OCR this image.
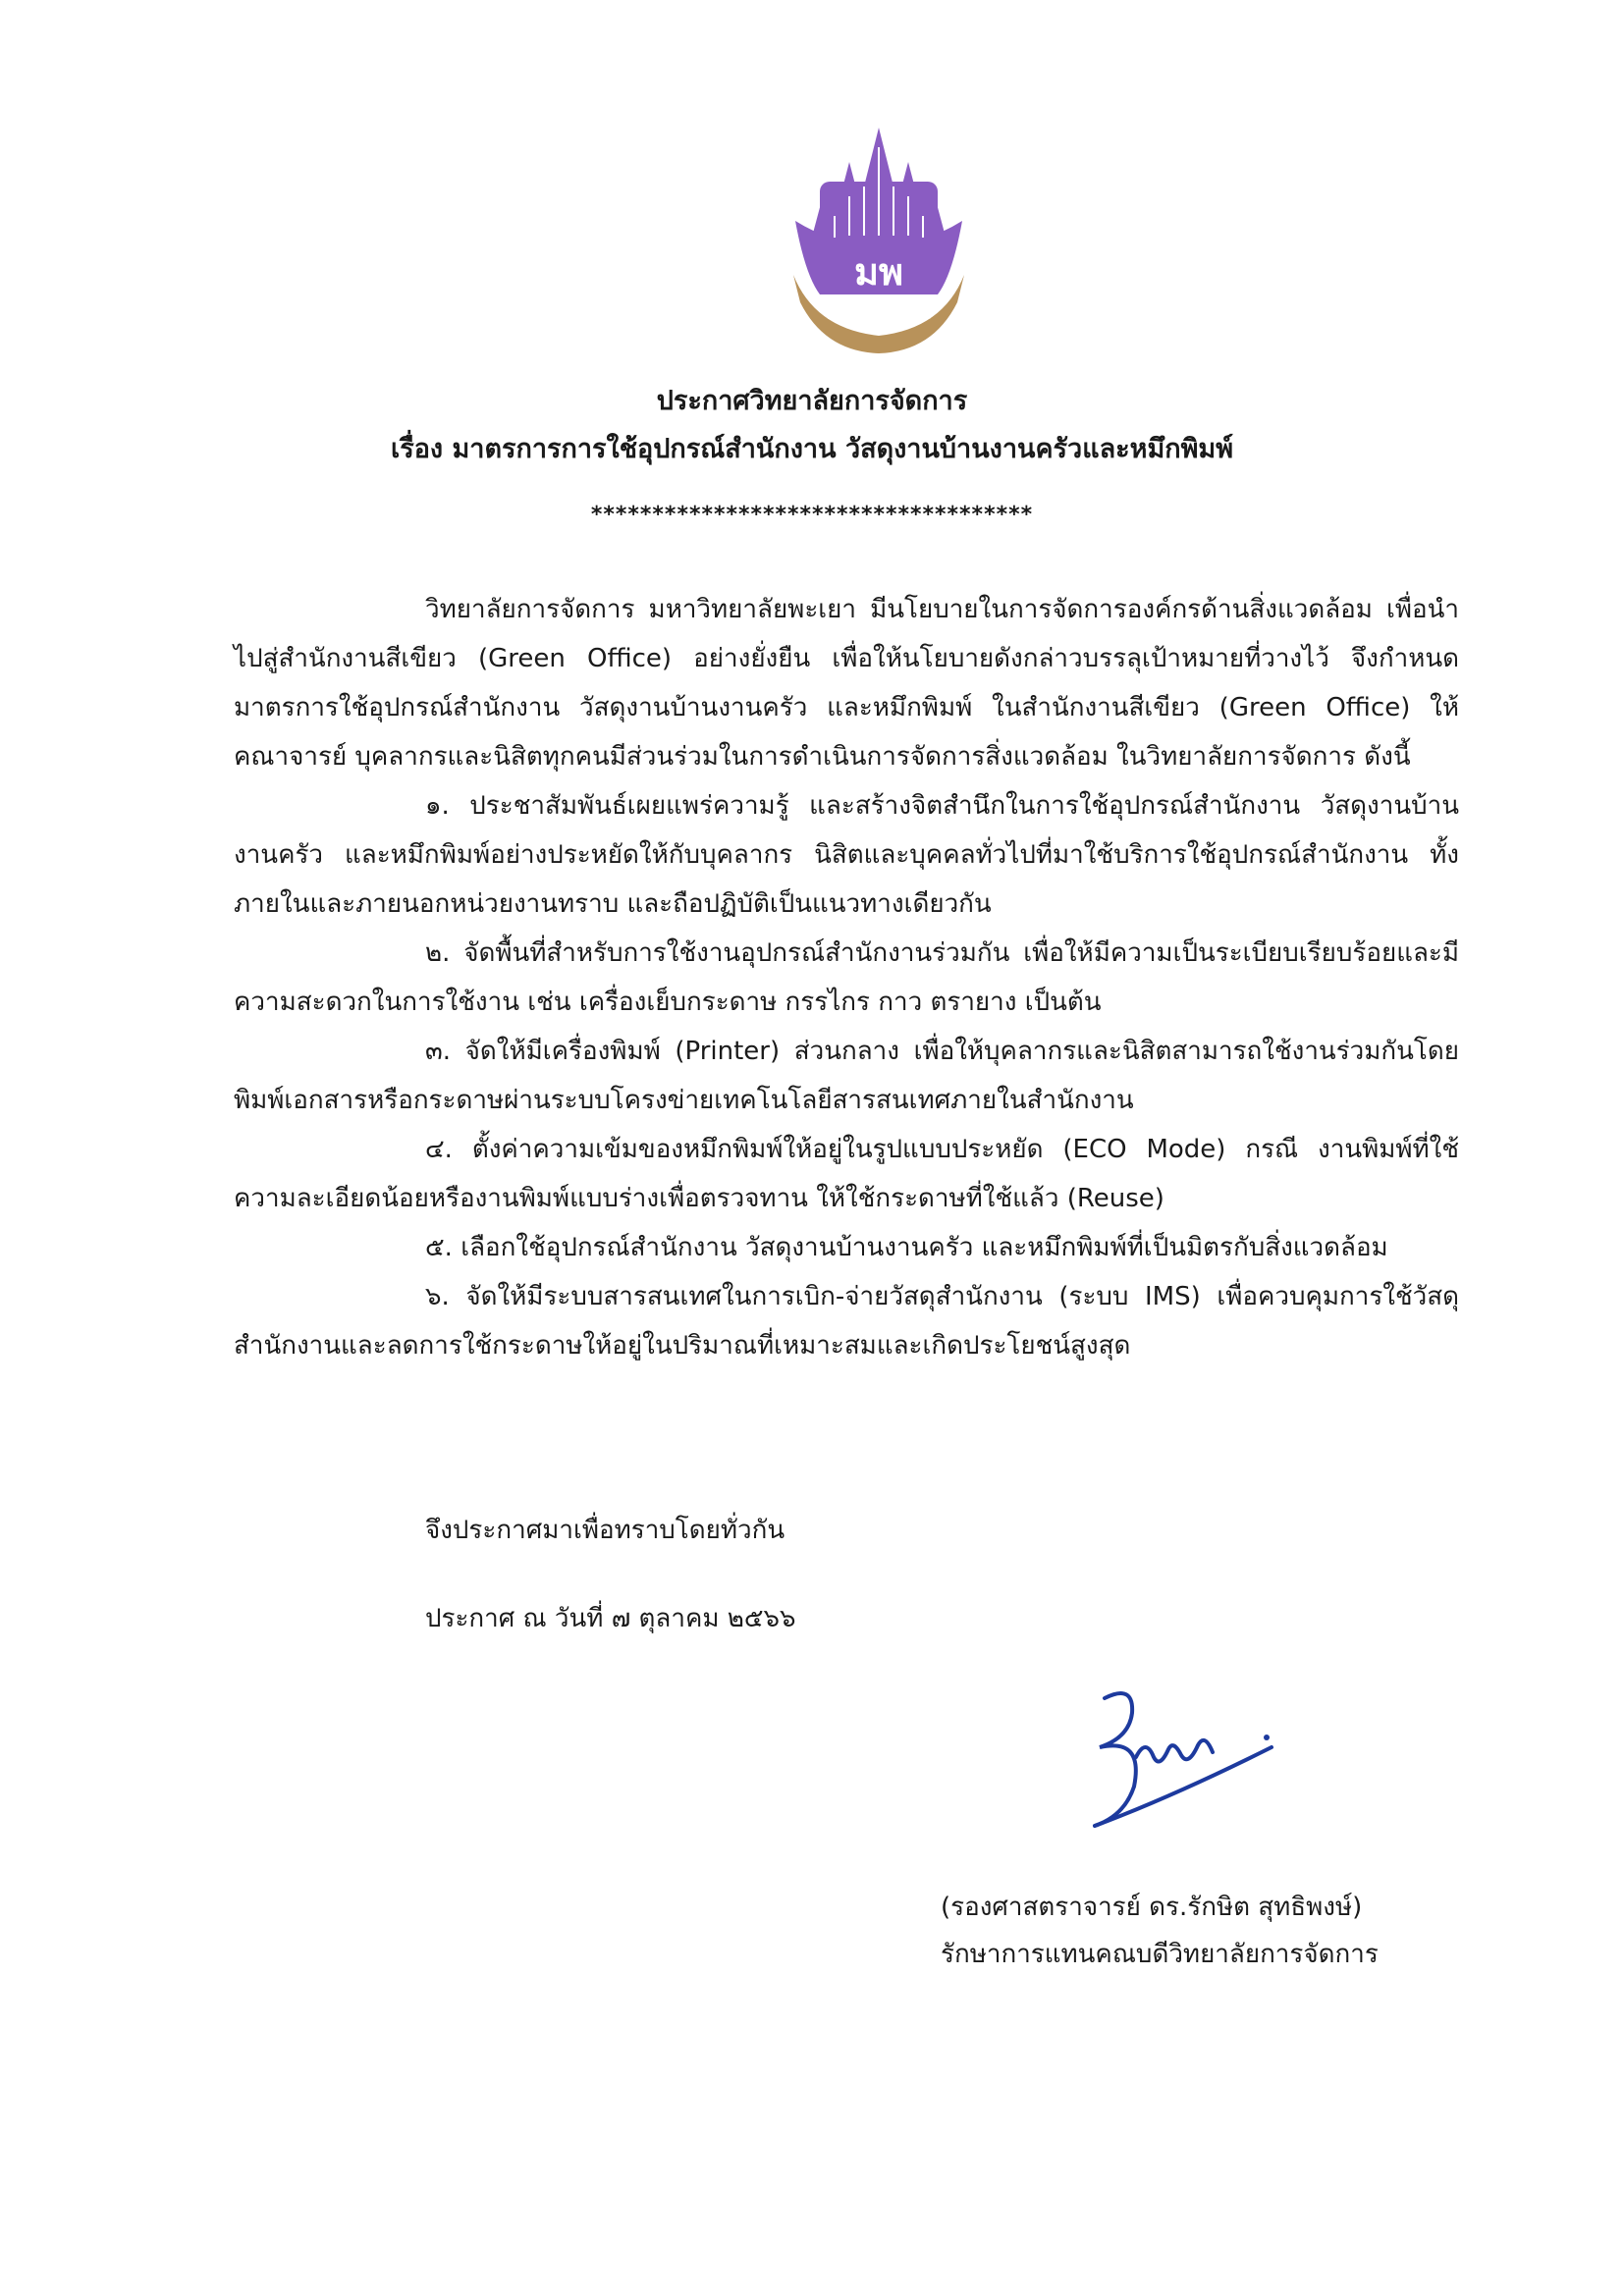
มพ
มหาวิทยาลัยพะเยา
ประกาศวิทยาลัยการจัดการ
เรื่อง มาตรการการใช้อุปกรณ์สำนักงาน วัสดุงานบ้านงานครัวและหมึกพิมพ์
************************************

วิทยาลัยการจัดการ มหาวิทยาลัยพะเยา มีนโยบายในการจัดการองค์กรด้านสิ่งแวดล้อม เพื่อนำไปสู่สำนักงานสีเขียว (Green Office) อย่างยั่งยืน เพื่อให้นโยบายดังกล่าวบรรลุเป้าหมายที่วางไว้ จึงกำหนดมาตรการใช้อุปกรณ์สำนักงาน วัสดุงานบ้านงานครัว และหมึกพิมพ์ ในสำนักงานสีเขียว (Green Office) ให้คณาจารย์ บุคลากรและนิสิตทุกคนมีส่วนร่วมในการดำเนินการจัดการสิ่งแวดล้อม ในวิทยาลัยการจัดการ ดังนี้

๑. ประชาสัมพันธ์เผยแพร่ความรู้ และสร้างจิตสำนึกในการใช้อุปกรณ์สำนักงาน วัสดุงานบ้านงานครัว และหมึกพิมพ์อย่างประหยัดให้กับบุคลากร นิสิตและบุคคลทั่วไปที่มาใช้บริการใช้อุปกรณ์สำนักงาน ทั้งภายในและภายนอกหน่วยงานทราบ และถือปฏิบัติเป็นแนวทางเดียวกัน

๒. จัดพื้นที่สำหรับการใช้งานอุปกรณ์สำนักงานร่วมกัน เพื่อให้มีความเป็นระเบียบเรียบร้อยและมีความสะดวกในการใช้งาน เช่น เครื่องเย็บกระดาษ กรรไกร กาว ตรายาง เป็นต้น

๓. จัดให้มีเครื่องพิมพ์ (Printer) ส่วนกลาง เพื่อให้บุคลากรและนิสิตสามารถใช้งานร่วมกันโดยพิมพ์เอกสารหรือกระดาษผ่านระบบโครงข่ายเทคโนโลยีสารสนเทศภายในสำนักงาน

๔. ตั้งค่าความเข้มของหมึกพิมพ์ให้อยู่ในรูปแบบประหยัด (ECO Mode) กรณี งานพิมพ์ที่ใช้ความละเอียดน้อยหรืองานพิมพ์แบบร่างเพื่อตรวจทาน ให้ใช้กระดาษที่ใช้แล้ว (Reuse)

๕. เลือกใช้อุปกรณ์สำนักงาน วัสดุงานบ้านงานครัว และหมึกพิมพ์ที่เป็นมิตรกับสิ่งแวดล้อม

๖. จัดให้มีระบบสารสนเทศในการเบิก-จ่ายวัสดุสำนักงาน (ระบบ IMS) เพื่อควบคุมการใช้วัสดุสำนักงานและลดการใช้กระดาษให้อยู่ในปริมาณที่เหมาะสมและเกิดประโยชน์สูงสุด

จึงประกาศมาเพื่อทราบโดยทั่วกัน
ประกาศ ณ วันที่ ๗ ตุลาคม ๒๕๖๖
(รองศาสตราจารย์ ดร.รักษิต สุทธิพงษ์)
รักษาการแทนคณบดีวิทยาลัยการจัดการ
